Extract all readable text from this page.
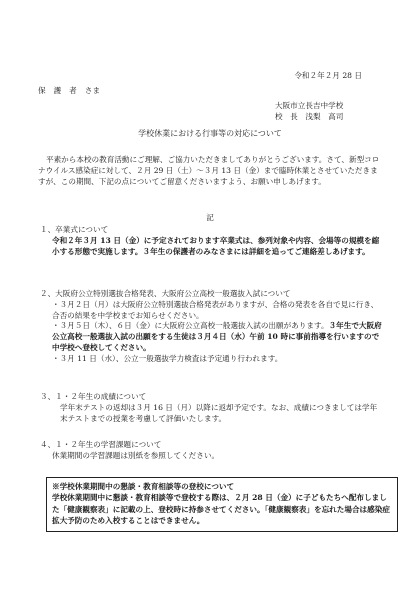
令和２年２月 28 日
保　護　者　さま
大阪市立長吉中学校
校　長　浅梨　高司
学校休業における行事等の対応について
平素から本校の教育活動にご理解、ご協力いただきましてありがとうございます。さて、新型コロナウイルス感染症に対して、２月 29 日（土）～３月 13 日（金）まで臨時休業とさせていただきますが、この期間、下記の点についてご留意くださいますよう、お願い申しあげます。
記
１、卒業式について
令和２年３月 13 日（金）に予定されております卒業式は、参列対象や内容、会場等の規模を縮小する形態で実施します。３年生の保護者のみなさまには詳細を追ってご連絡差しあげます。
２、大阪府公立特別選抜合格発表、大阪府公立高校一般選抜入試について
・３月２日（月）は大阪府公立特別選抜合格発表がありますが、合格の発表を各自で見に行き、合否の結果を中学校までお知らせください。
・３月５日（木）、６日（金）に大阪府公立高校一般選抜入試の出願があります。３年生で大阪府公立高校一般選抜入試の出願をする生徒は３月４日（水）午前 10 時に事前指導を行いますので中学校へ登校してください。
・３月 11 日（水）、公立一般選抜学力検査は予定通り行われます。
３、１・２年生の成績について
学年末テストの返却は３月 16 日（月）以降に返却予定です。なお、成績につきましては学年末テストまでの授業を考慮して評価いたします。
４、１・２年生の学習課題について
休業期間の学習課題は別紙を参照してください。
※学校休業期間中の懇談・教育相談等の登校について
学校休業期間中に懇談・教育相談等で登校する際は、２月 28 日（金）に子どもたちへ配布しました「健康観察表」に記載の上、登校時に持参させてください。「健康観察表」を忘れた場合は感染症拡大予防のため入校することはできません。
